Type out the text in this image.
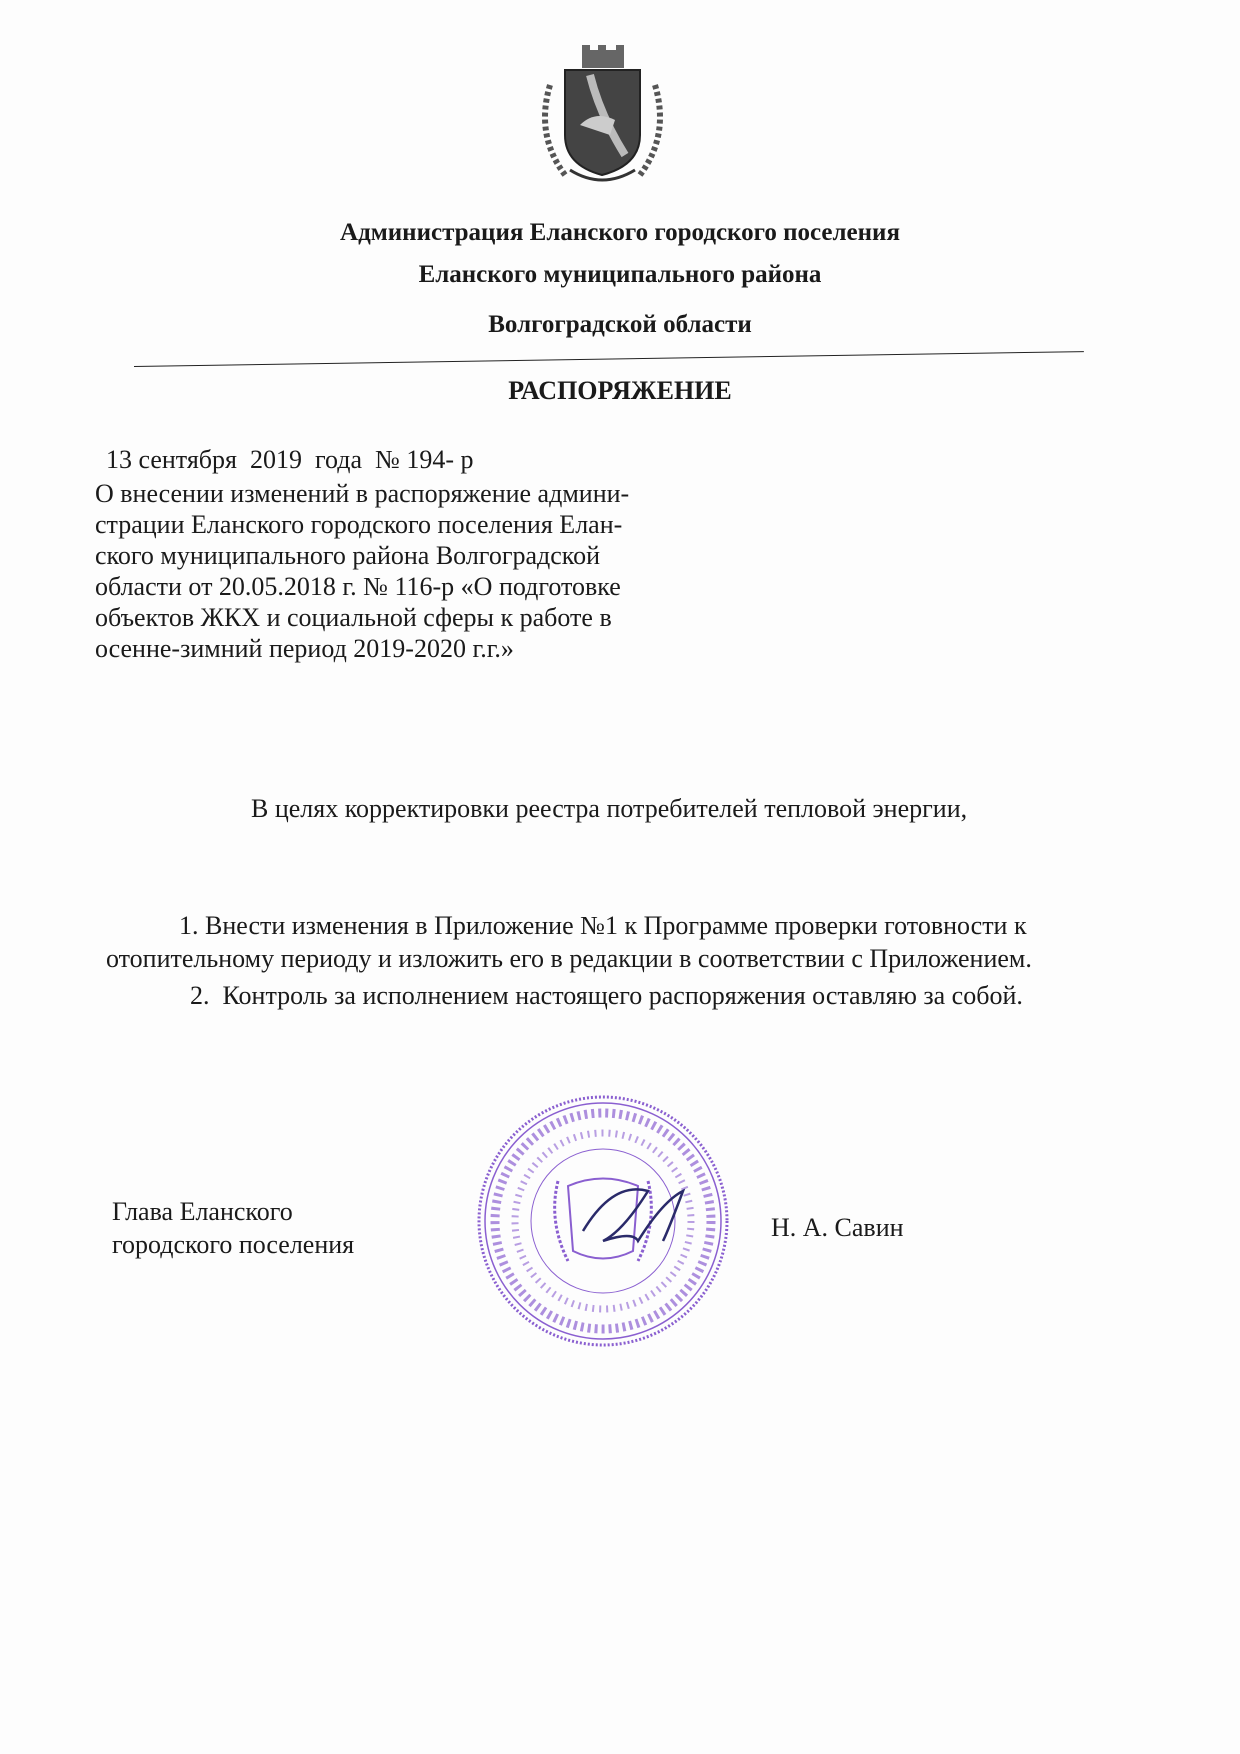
Администрация Еланского городского поселения
Еланского муниципального района
Волгоградской области
РАСПОРЯЖЕНИЕ
13 сентября  2019  года  № 194- р
О внесении изменений в распоряжение админи-
страции Еланского городского поселения Елан-
ского муниципального района Волгоградской
области от 20.05.2018 г. № 116-р «О подготовке
объектов ЖКХ и социальной сферы к работе в
осенне-зимний период 2019-2020 г.г.»
В целях корректировки реестра потребителей тепловой энергии,
1. Внести изменения в Приложение №1 к Программе проверки готовности к
отопительному периоду и изложить его в редакции в соответствии с Приложением.
2.  Контроль за исполнением настоящего распоряжения оставляю за собой.
Глава Еланского
городского поселения
Н. А. Савин
